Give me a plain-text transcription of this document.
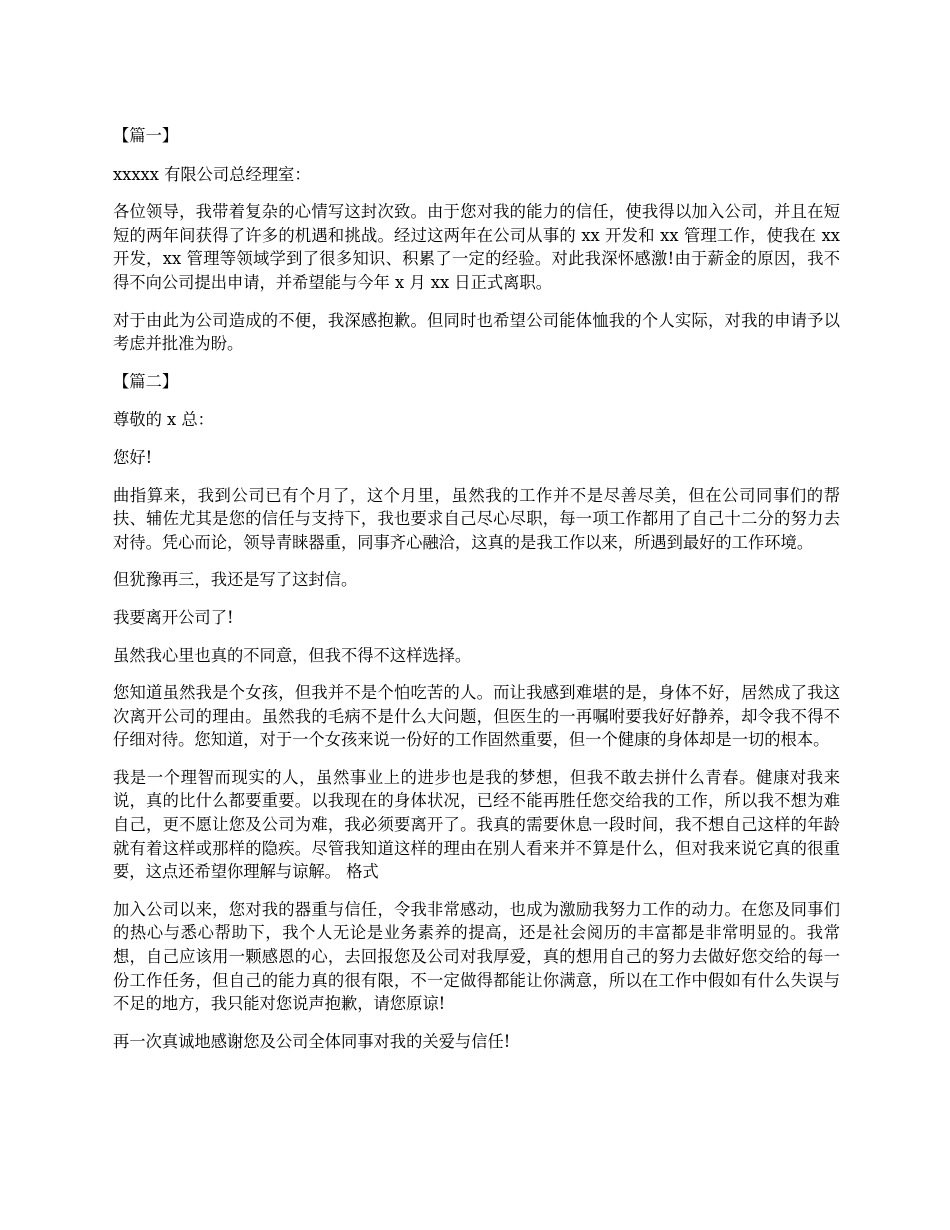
【篇一】

xxxxx 有限公司总经理室：

各位领导，我带着复杂的心情写这封次致。由于您对我的能力的信任，使我得以加入公司，并且在短短的两年间获得了许多的机遇和挑战。经过这两年在公司从事的 xx 开发和 xx 管理工作，使我在 xx 开发，xx 管理等领域学到了很多知识、积累了一定的经验。对此我深怀感激!由于薪金的原因，我不得不向公司提出申请，并希望能与今年 x 月 xx 日正式离职。

对于由此为公司造成的不便，我深感抱歉。但同时也希望公司能体恤我的个人实际，对我的申请予以考虑并批准为盼。

【篇二】

尊敬的 x 总：

您好!

曲指算来，我到公司已有个月了，这个月里，虽然我的工作并不是尽善尽美，但在公司同事们的帮扶、辅佐尤其是您的信任与支持下，我也要求自己尽心尽职，每一项工作都用了自己十二分的努力去对待。凭心而论，领导青睐器重，同事齐心融洽，这真的是我工作以来，所遇到最好的工作环境。

但犹豫再三，我还是写了这封信。

我要离开公司了!

虽然我心里也真的不同意，但我不得不这样选择。

您知道虽然我是个女孩，但我并不是个怕吃苦的人。而让我感到难堪的是，身体不好，居然成了我这次离开公司的理由。虽然我的毛病不是什么大问题，但医生的一再嘱咐要我好好静养，却令我不得不仔细对待。您知道，对于一个女孩来说一份好的工作固然重要，但一个健康的身体却是一切的根本。

我是一个理智而现实的人，虽然事业上的进步也是我的梦想，但我不敢去拼什么青春。健康对我来说，真的比什么都要重要。以我现在的身体状况，已经不能再胜任您交给我的工作，所以我不想为难自己，更不愿让您及公司为难，我必须要离开了。我真的需要休息一段时间，我不想自己这样的年龄就有着这样或那样的隐疾。尽管我知道这样的理由在别人看来并不算是什么，但对我来说它真的很重要，这点还希望你理解与谅解。 格式

加入公司以来，您对我的器重与信任，令我非常感动，也成为激励我努力工作的动力。在您及同事们的热心与悉心帮助下，我个人无论是业务素养的提高，还是社会阅历的丰富都是非常明显的。我常想，自己应该用一颗感恩的心，去回报您及公司对我厚爱，真的想用自己的努力去做好您交给的每一份工作任务，但自己的能力真的很有限，不一定做得都能让你满意，所以在工作中假如有什么失误与不足的地方，我只能对您说声抱歉，请您原谅!

再一次真诚地感谢您及公司全体同事对我的关爱与信任!
